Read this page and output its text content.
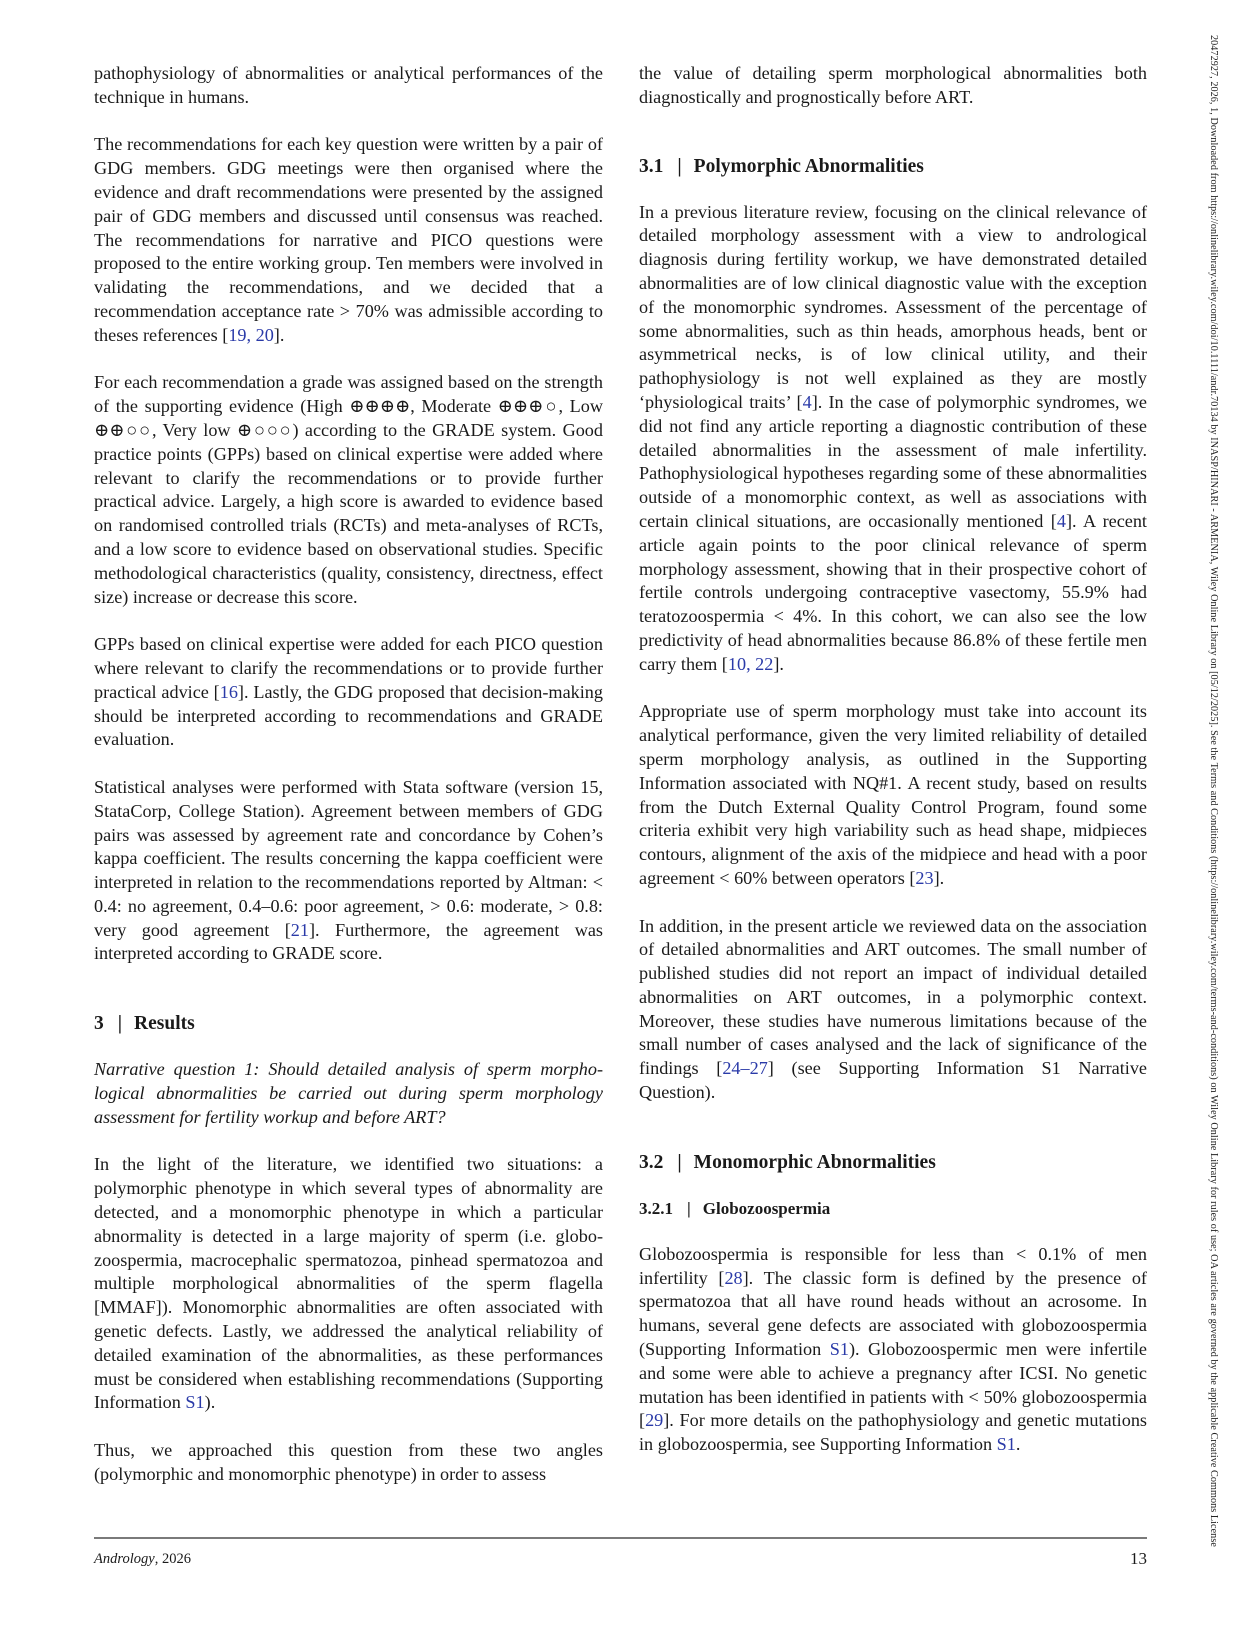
20472927, 2026, 1, Downloaded from https://onlinelibrary.wiley.com/doi/10.1111/andr.70134 by INASP/HINARI - ARMENIA, Wiley Online Library on [05/12/2025]. See the Terms and Conditions (https://onlinelibrary.wiley.com/terms-and-conditions) on Wiley Online Library for rules of use; OA articles are governed by the applicable Creative Commons License

pathophysiology of abnormalities or analytical performances of the technique in humans.

The recommendations for each key question were written by a pair of GDG members. GDG meetings were then organised where the evidence and draft recommendations were presented by the assigned pair of GDG members and discussed until consensus was reached. The recommendations for narrative and PICO questions were proposed to the entire working group. Ten members were involved in validating the recommendations, and we decided that a recommendation acceptance rate > 70% was admissible according to theses references [19, 20].

For each recommendation a grade was assigned based on the strength of the supporting evidence (High ⊕⊕⊕⊕, Moderate ⊕⊕⊕○, Low ⊕⊕○○, Very low ⊕○○○) according to the GRADE system. Good practice points (GPPs) based on clinical expertise were added where relevant to clarify the recommendations or to provide further practical advice. Largely, a high score is awarded to evidence based on randomised controlled trials (RCTs) and meta-analyses of RCTs, and a low score to evidence based on observational studies. Specific methodological characteristics (quality, consistency, directness, effect size) increase or decrease this score.

GPPs based on clinical expertise were added for each PICO question where relevant to clarify the recommendations or to provide further practical advice [16]. Lastly, the GDG proposed that decision-making should be interpreted according to recommendations and GRADE evaluation.

Statistical analyses were performed with Stata software (version 15, StataCorp, College Station). Agreement between members of GDG pairs was assessed by agreement rate and concordance by Cohen’s kappa coefficient. The results concerning the kappa coefficient were interpreted in relation to the recommendations reported by Altman: < 0.4: no agreement, 0.4–0.6: poor agreement, > 0.6: moderate, > 0.8: very good agreement [21]. Furthermore, the agreement was interpreted according to GRADE score.

3 | Results

Narrative question 1: Should detailed analysis of sperm morphological abnormalities be carried out during sperm morphology assessment for fertility workup and before ART?

In the light of the literature, we identified two situations: a polymorphic phenotype in which several types of abnormality are detected, and a monomorphic phenotype in which a particular abnormality is detected in a large majority of sperm (i.e. globozoospermia, macrocephalic spermatozoa, pinhead spermatozoa and multiple morphological abnormalities of the sperm flagella [MMAF]). Monomorphic abnormalities are often associated with genetic defects. Lastly, we addressed the analytical reliability of detailed examination of the abnormalities, as these performances must be considered when establishing recommendations (Supporting Information S1).

Thus, we approached this question from these two angles (polymorphic and monomorphic phenotype) in order to assess

the value of detailing sperm morphological abnormalities both diagnostically and prognostically before ART.

3.1 | Polymorphic Abnormalities

In a previous literature review, focusing on the clinical relevance of detailed morphology assessment with a view to andrological diagnosis during fertility workup, we have demonstrated detailed abnormalities are of low clinical diagnostic value with the exception of the monomorphic syndromes. Assessment of the percentage of some abnormalities, such as thin heads, amorphous heads, bent or asymmetrical necks, is of low clinical utility, and their pathophysiology is not well explained as they are mostly ‘physiological traits’ [4]. In the case of polymorphic syndromes, we did not find any article reporting a diagnostic contribution of these detailed abnormalities in the assessment of male infertility. Pathophysiological hypotheses regarding some of these abnormalities outside of a monomorphic context, as well as associations with certain clinical situations, are occasionally mentioned [4]. A recent article again points to the poor clinical relevance of sperm morphology assessment, showing that in their prospective cohort of fertile controls undergoing contraceptive vasectomy, 55.9% had teratozoospermia < 4%. In this cohort, we can also see the low predictivity of head abnormalities because 86.8% of these fertile men carry them [10, 22].

Appropriate use of sperm morphology must take into account its analytical performance, given the very limited reliability of detailed sperm morphology analysis, as outlined in the Supporting Information associated with NQ#1. A recent study, based on results from the Dutch External Quality Control Program, found some criteria exhibit very high variability such as head shape, midpieces contours, alignment of the axis of the midpiece and head with a poor agreement < 60% between operators [23].

In addition, in the present article we reviewed data on the association of detailed abnormalities and ART outcomes. The small number of published studies did not report an impact of individual detailed abnormalities on ART outcomes, in a polymorphic context. Moreover, these studies have numerous limitations because of the small number of cases analysed and the lack of significance of the findings [24–27] (see Supporting Information S1 Narrative Question).

3.2 | Monomorphic Abnormalities
3.2.1 | Globozoospermia

Globozoospermia is responsible for less than < 0.1% of men infertility [28]. The classic form is defined by the presence of spermatozoa that all have round heads without an acrosome. In humans, several gene defects are associated with globozoospermia (Supporting Information S1). Globozoospermic men were infertile and some were able to achieve a pregnancy after ICSI. No genetic mutation has been identified in patients with < 50% globozoospermia [29]. For more details on the pathophysiology and genetic mutations in globozoospermia, see Supporting Information S1.

Andrology, 2026	13
